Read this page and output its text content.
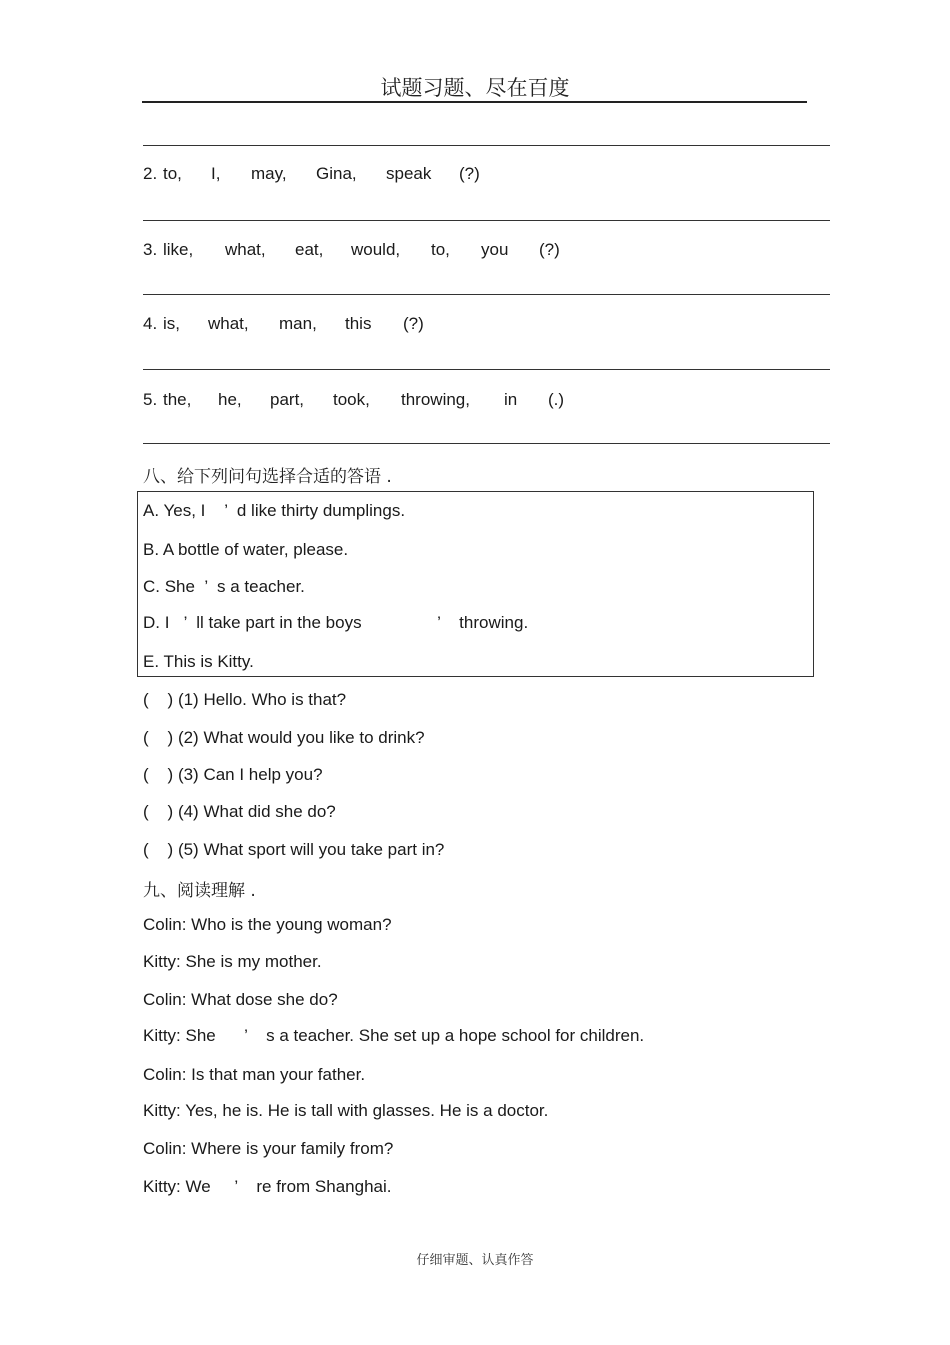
试题习题、尽在百度
2. to, I, may, Gina, speak (?)
3. like, what, eat, would, to, you (?)
4. is, what, man, this (?)
5. the, he, part, took, throwing, in (.)
八、给下列问句选择合适的答语 .
A. Yes, I    ’  d like thirty dumplings.
B. A bottle of water, please.
C. She  ’  s a teacher.
D. I   ’  ll take part in the boys                ’    throwing.
E. This is Kitty.
(    ) (1) Hello. Who is that?
(    ) (2) What would you like to drink?
(    ) (3) Can I help you?
(    ) (4) What did she do?
(    ) (5) What sport will you take part in?
九、阅读理解 .
Colin: Who is the young woman?
Kitty: She is my mother.
Colin: What dose she do?
Kitty: She      ’    s a teacher. She set up a hope school for children.
Colin: Is that man your father.
Kitty: Yes, he is. He is tall with glasses. He is a doctor.
Colin: Where is your family from?
Kitty: We     ’    re from Shanghai.
仔细审题、认真作答
